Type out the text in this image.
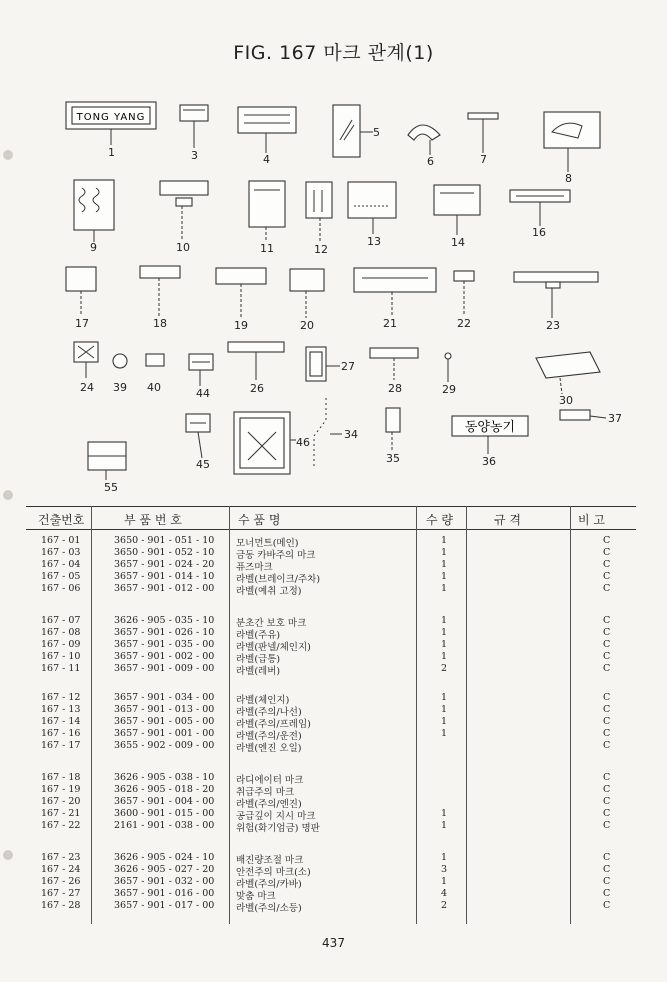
FIG. 167 마크 관계(1)
TONG YANG
동양농기
1	3	4
5
6	7
8
9	10	11	12
13	14
16
17	18	19	20	21	22	23
24 39 40	44	26
27
28	29
30
37
34
46
45	35	36
55
건출번호	부 품 번 호	수 품 명	수 량	규 격	비 고
167 - 01	3650 - 901 - 051 - 10 모너먼트(메인)	1	C
167 - 03	3650 - 901 - 052 - 10 금동 카바주의 마크	1	C
167 - 04	3657 - 901 - 024 - 20 퓨즈마크	1	C
167 - 05	3657 - 901 - 014 - 10 라벨(브레이크/주차)	1	C
167 - 06	3657 - 901 - 012 - 00 라벨(예취 고정)	1	C
167 - 07	3626 - 905 - 035 - 10 분초간 보호 마크	1	C
167 - 08	3657 - 901 - 026 - 10 라벨(주유)	1	C
167 - 09	3657 - 901 - 035 - 00 라벨(판넬/체인지)	1	C
167 - 10	3657 - 901 - 002 - 00 라벨(급통)	1	C
167 - 11	3657 - 901 - 009 - 00 라벨(레버)	2	C
167 - 12	3657 - 901 - 034 - 00 라벨(체인지)	1	C
167 - 13	3657 - 901 - 013 - 00 라벨(주의/나선)	1	C
167 - 14	3657 - 901 - 005 - 00 라벨(주의/프레임)	1	C
167 - 16	3657 - 901 - 001 - 00 라벨(주의/운전)	1	C
167 - 17	3655 - 902 - 009 - 00 라벨(엔진 오일)	C
167 - 18	3626 - 905 - 038 - 10 라디에이터 마크	C
167 - 19	3626 - 905 - 018 - 20 취급주의 마크	C
167 - 20	3657 - 901 - 004 - 00 라벨(주의/엔진)	C
167 - 21	3600 - 901 - 015 - 00 공급깊이 지시 마크	1	C
167 - 22	2161 - 901 - 038 - 00 위험(화기엄금) 명판	1	C
167 - 23	3626 - 905 - 024 - 10 배진량조절 마크	1	C
167 - 24	3626 - 905 - 027 - 20 안전주의 마크(소)	3	C
167 - 26	3657 - 901 - 032 - 00 라벨(주의/카바)	1	C
167 - 27	3657 - 901 - 016 - 00 맞춤 마크	4	C
167 - 28	3657 - 901 - 017 - 00 라벨(주의/소등)	2	C
437
